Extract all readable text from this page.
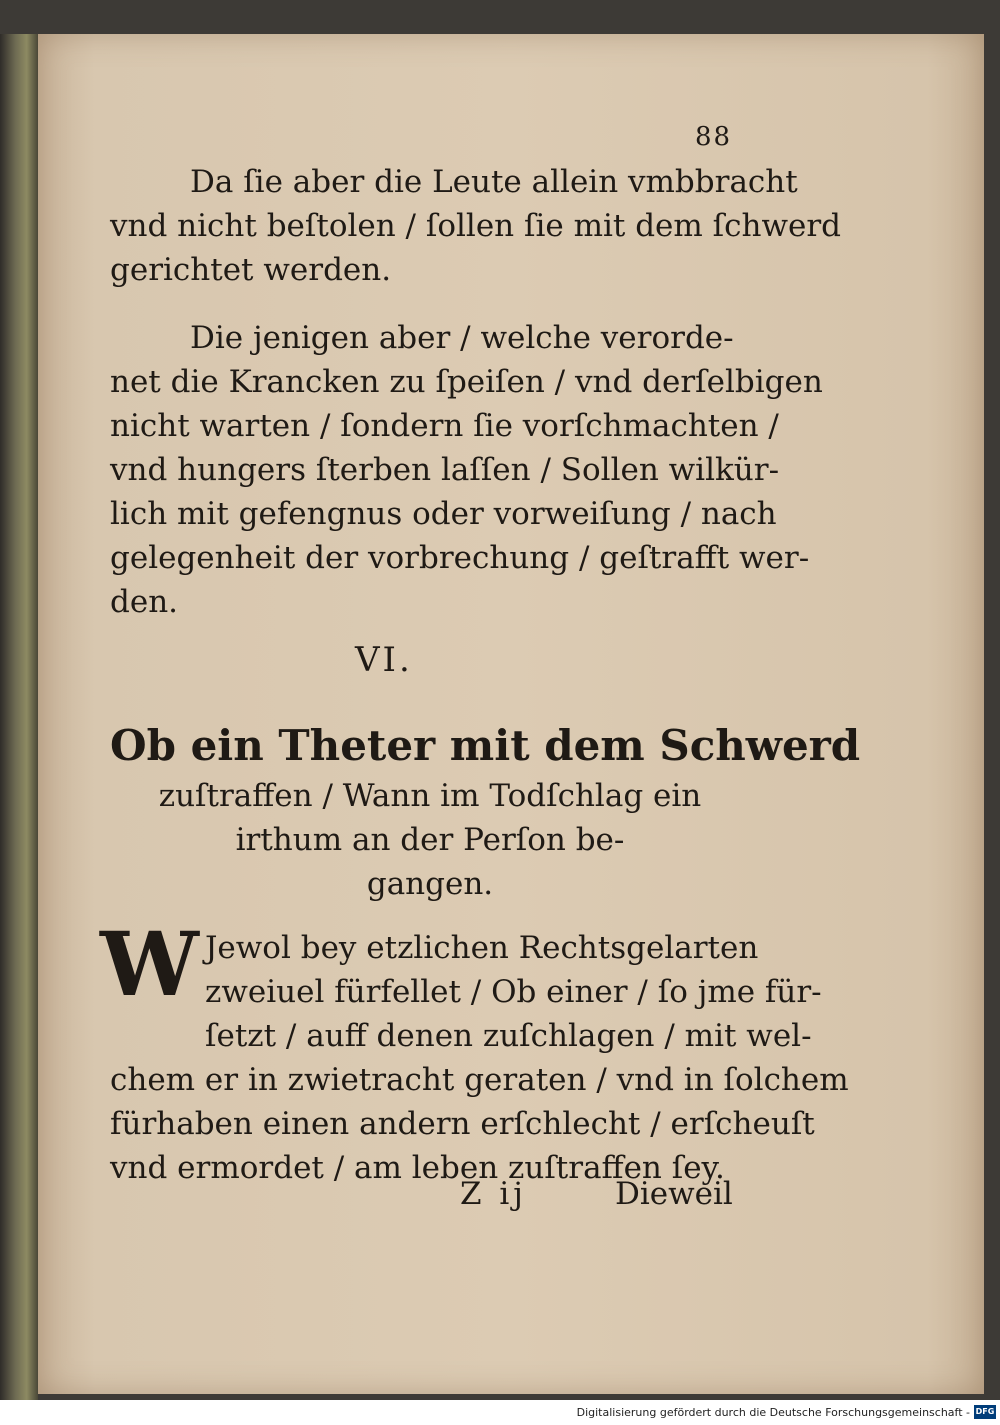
88

Da ſie aber die Leute allein vmbbracht
vnd nicht beſtolen / ſollen ſie mit dem ſchwerd
gerichtet werden.
Die jenigen aber / welche verorde-
net die Krancken zu ſpeiſen / vnd derſelbigen
nicht warten / ſondern ſie vorſchmachten /
vnd hungers ſterben laſſen / Sollen wilkür-
lich mit gefengnus oder vorweiſung / nach
gelegenheit der vorbrechung / geſtrafft wer-
den.

VI.

Ob ein Theter mit dem Schwerd
zuſtraffen / Wann im Todſchlag ein
irthum an der Perſon be-
gangen.
W Jewol bey etzlichen Rechtsgelarten
zweiuel fürfellet / Ob einer / ſo jme für-
ſetzt / auff denen zuſchlagen / mit wel-
chem er in zwietracht geraten / vnd in ſolchem
fürhaben einen andern erſchlecht / erſcheuſt
vnd ermordet / am leben zuſtraffen ſey.

Z ij	Dieweil

Digitalisierung gefördert durch die Deutsche Forschungsgemeinschaft - DFG
